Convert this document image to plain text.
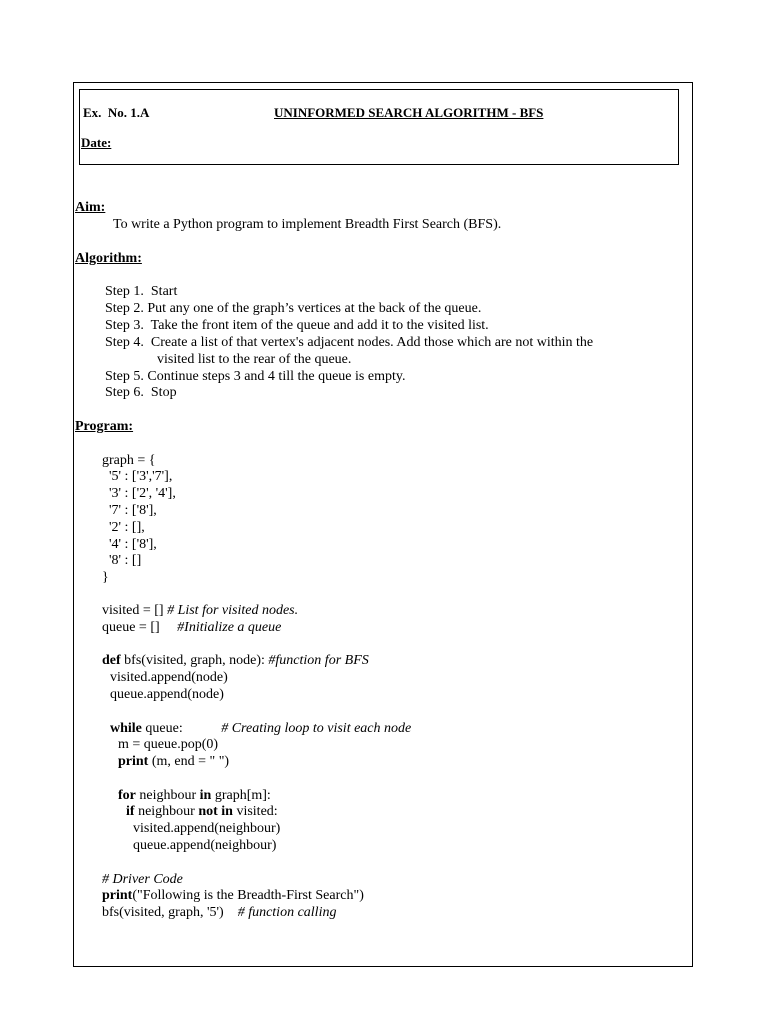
Ex.  No. 1.A	UNINFORMED SEARCH ALGORITHM - BFS
Date:
Aim:
To write a Python program to implement Breadth First Search (BFS).
Algorithm:
Step 1.  Start
Step 2. Put any one of the graph’s vertices at the back of the queue.
Step 3.  Take the front item of the queue and add it to the visited list.
Step 4.  Create a list of that vertex's adjacent nodes. Add those which are not within the
visited list to the rear of the queue.
Step 5. Continue steps 3 and 4 till the queue is empty.
Step 6.  Stop
Program:
graph = {
'5' : ['3','7'],
'3' : ['2', '4'],
'7' : ['8'],
'2' : [],
'4' : ['8'],
'8' : []
}
visited = [] # List for visited nodes.
queue = []     #Initialize a queue
def bfs(visited, graph, node): #function for BFS
visited.append(node)
queue.append(node)
while queue:           # Creating loop to visit each node
m = queue.pop(0)
print (m, end = " ")
for neighbour in graph[m]:
if neighbour not in visited:
visited.append(neighbour)
queue.append(neighbour)
# Driver Code
print("Following is the Breadth-First Search")
bfs(visited, graph, '5')    # function calling
